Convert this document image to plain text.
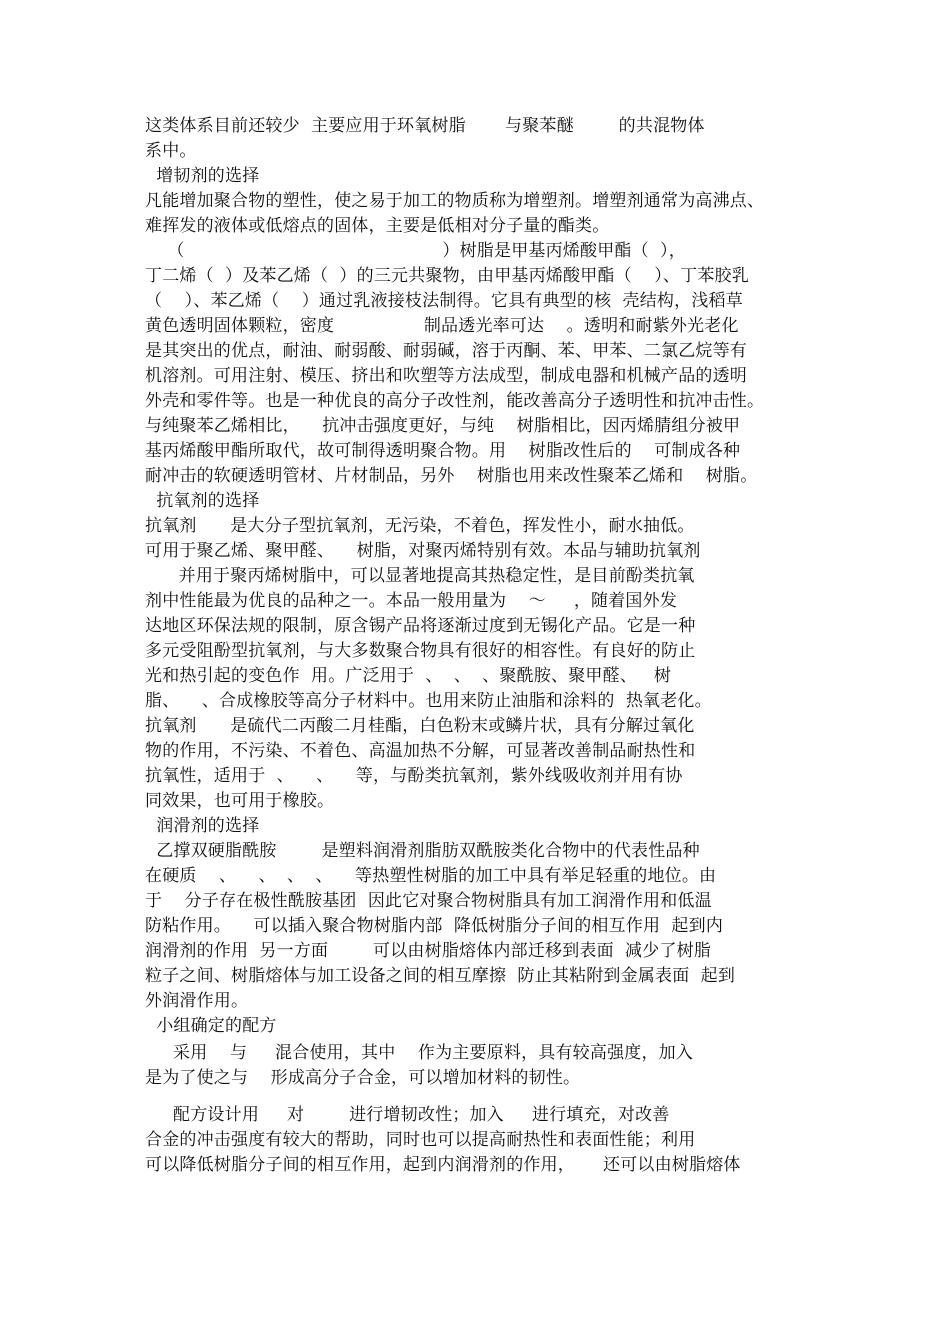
这类体系目前还较少  主要应用于环氧树脂       与聚苯醚        的共混物体
系中。
增韧剂的选择
凡能增加聚合物的塑性，使之易于加工的物质称为增塑剂。增塑剂通常为高沸点、
难挥发的液体或低熔点的固体，主要是低相对分子量的酯类。
（                                              ）树脂是甲基丙烯酸甲酯（  ），
丁二烯（  ）及苯乙烯（  ）的三元共聚物，由甲基丙烯酸甲酯（    ）、丁苯胶乳
（    ）、苯乙烯（    ）通过乳液接枝法制得。它具有典型的核  壳结构，浅稻草
黄色透明固体颗粒，密度                制品透光率可达    。透明和耐紫外光老化
是其突出的优点，耐油、耐弱酸、耐弱碱，溶于丙酮、苯、甲苯、二氯乙烷等有
机溶剂。可用注射、模压、挤出和吹塑等方法成型，制成电器和机械产品的透明
外壳和零件等。也是一种优良的高分子改性剂，能改善高分子透明性和抗冲击性。
与纯聚苯乙烯相比，    抗冲击强度更好，与纯    树脂相比，因丙烯腈组分被甲
基丙烯酸甲酯所取代，故可制得透明聚合物。用    树脂改性后的    可制成各种
耐冲击的软硬透明管材、片材制品，另外    树脂也用来改性聚苯乙烯和    树脂。
抗氧剂的选择
抗氧剂      是大分子型抗氧剂，无污染，不着色，挥发性小，耐水抽低。
可用于聚乙烯、聚甲醛、    树脂，对聚丙烯特别有效。本品与辅助抗氧剂
并用于聚丙烯树脂中，可以显著地提高其热稳定性，是目前酚类抗氧
剂中性能最为优良的品种之一。本品一般用量为    ～     ，随着国外发
达地区环保法规的限制，原含锡产品将逐渐过度到无锡化产品。它是一种
多元受阻酚型抗氧剂，与大多数聚合物具有很好的相容性。有良好的防止
光和热引起的变色作  用。广泛用于  、  、  、聚酰胺、聚甲醛、   树
脂、    、合成橡胶等高分子材料中。也用来防止油脂和涂料的  热氧老化。
抗氧剂      是硫代二丙酸二月桂酯，白色粉末或鳞片状，具有分解过氧化
物的作用，不污染、不着色、高温加热不分解，可显著改善制品耐热性和
抗氧性，适用于  、    、    等，与酚类抗氧剂，紫外线吸收剂并用有协
同效果，也可用于橡胶。
润滑剂的选择
乙撑双硬脂酰胺        是塑料润滑剂脂肪双酰胺类化合物中的代表性品种
在硬质    、    、  、  、    等热塑性树脂的加工中具有举足轻重的地位。由
于    分子存在极性酰胺基团  因此它对聚合物树脂具有加工润滑作用和低温
防粘作用。    可以插入聚合物树脂内部  降低树脂分子间的相互作用  起到内
润滑剂的作用  另一方面        可以由树脂熔体内部迁移到表面  减少了树脂
粒子之间、树脂熔体与加工设备之间的相互摩擦  防止其粘附到金属表面  起到
外润滑作用。
小组确定的配方
采用    与     混合使用，其中    作为主要原料，具有较高强度，加入
是为了使之与    形成高分子合金，可以增加材料的韧性。
配方设计用     对        进行增韧改性；加入     进行填充，对改善
合金的冲击强度有较大的帮助，同时也可以提高耐热性和表面性能；利用
可以降低树脂分子间的相互作用，起到内润滑剂的作用，     还可以由树脂熔体
